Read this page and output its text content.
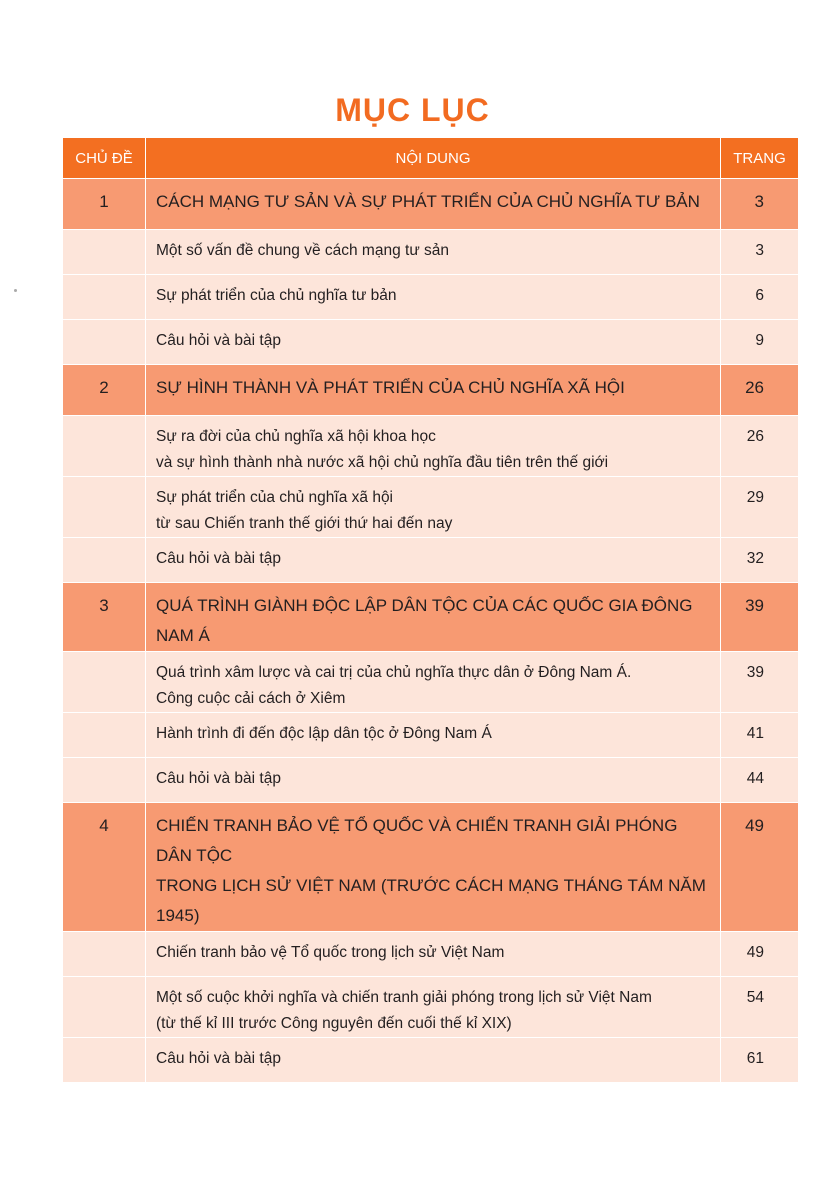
MỤC LỤC
CHỦ ĐỀ	NỘI DUNG	TRANG
1	CÁCH MẠNG TƯ SẢN VÀ SỰ PHÁT TRIỂN CỦA CHỦ NGHĨA TƯ BẢN	3

	Một số vấn đề chung về cách mạng tư sản	3

	Sự phát triển của chủ nghĩa tư bản	6

	Câu hỏi và bài tập	9
2	SỰ HÌNH THÀNH VÀ PHÁT TRIỂN CỦA CHỦ NGHĨA XÃ HỘI	26

	Sự ra đời của chủ nghĩa xã hội khoa học
và sự hình thành nhà nước xã hội chủ nghĩa đầu tiên trên thế giới	26

	Sự phát triển của chủ nghĩa xã hội
từ sau Chiến tranh thế giới thứ hai đến nay	29

	Câu hỏi và bài tập	32
3	QUÁ TRÌNH GIÀNH ĐỘC LẬP DÂN TỘC CỦA CÁC QUỐC GIA ĐÔNG NAM Á	39

	Quá trình xâm lược và cai trị của chủ nghĩa thực dân ở Đông Nam Á.
Công cuộc cải cách ở Xiêm	39

	Hành trình đi đến độc lập dân tộc ở Đông Nam Á	41

	Câu hỏi và bài tập	44
4	CHIẾN TRANH BẢO VỆ TỔ QUỐC VÀ CHIẾN TRANH GIẢI PHÓNG DÂN TỘC
TRONG LỊCH SỬ VIỆT NAM (TRƯỚC CÁCH MẠNG THÁNG TÁM NĂM 1945)	49

	Chiến tranh bảo vệ Tổ quốc trong lịch sử Việt Nam	49

	Một số cuộc khởi nghĩa và chiến tranh giải phóng trong lịch sử Việt Nam
(từ thế kỉ III trước Công nguyên đến cuối thế kỉ XIX)	54

	Câu hỏi và bài tập	61
